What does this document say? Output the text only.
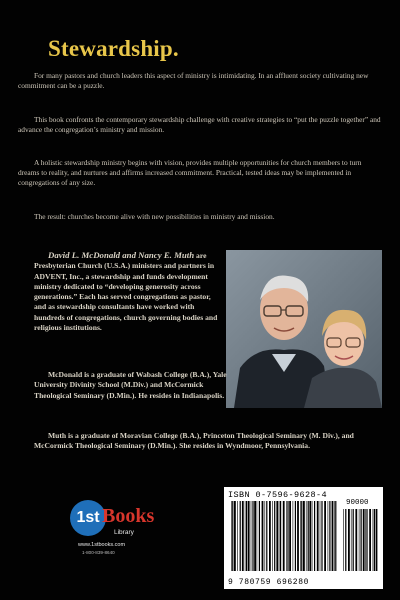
Stewardship.

For many pastors and church leaders this aspect of ministry is intimidating. In an affluent society cultivating new commitment can be a puzzle.

This book confronts the contemporary stewardship challenge with creative strategies to “put the puzzle together” and advance the congregation’s ministry and mission.

A holistic stewardship ministry begins with vision, provides multiple opportunities for church members to turn dreams to reality, and nurtures and affirms increased commitment. Practical, tested ideas may be implemented in congregations of any size.

The result: churches become alive with new possibilities in ministry and mission.

David L. McDonald and Nancy E. Muth are Presbyterian Church (U.S.A.) ministers and partners in ADVENT, Inc., a stewardship and funds development ministry dedicated to “developing generosity across generations.” Each has served congregations as pastor, and as stewardship consultants have worked with hundreds of congregations, church governing bodies and religious institutions.

McDonald is a graduate of Wabash College (B.A.), Yale University Divinity School (M.Div.) and McCormick Theological Seminary (D.Min.). He resides in Indianapolis.

Muth is a graduate of Moravian College (B.A.), Princeton Theological Seminary (M. Div.), and McCormick Theological Seminary (D.Min.). She resides in Wyndmoor, Pennsylvania.

1st Books
Library
www.1stbooks.com
1-800-839-8640
ISBN 0-7596-9628-4
90000
9 780759 696280
